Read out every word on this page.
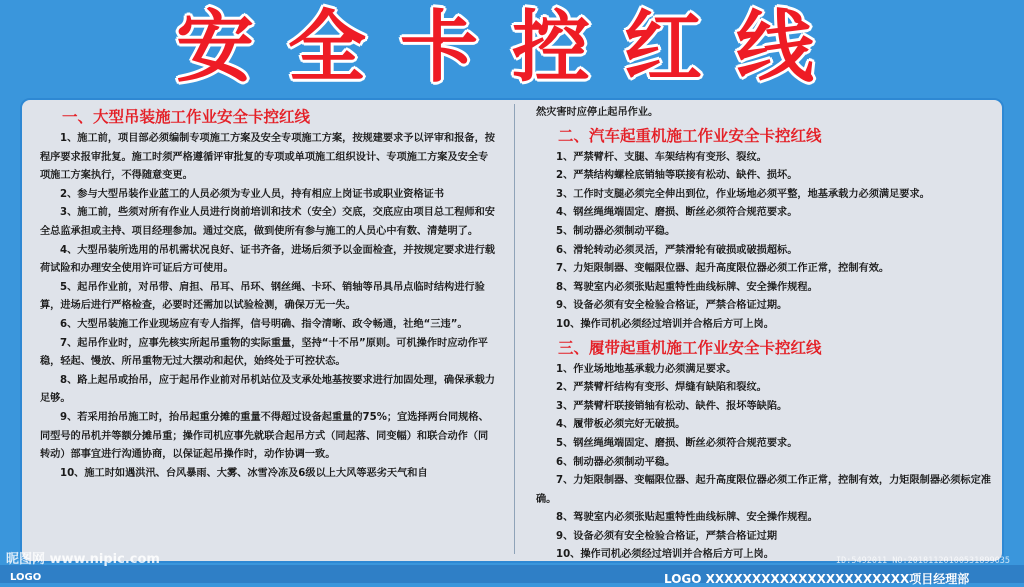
安全卡控红线
一、大型吊装施工作业安全卡控红线
1、施工前，项目部必须编制专项施工方案及安全专项施工方案，按规建要求予以评审和报备，按程序要求报审批复。施工时须严格遵循评审批复的专项或单项施工组织设计、专项施工方案及安全专项施工方案执行，不得随意变更。
2、参与大型吊装作业蓝工的人员必须为专业人员，持有相应上岗证书或职业资格证书
3、施工前，些须对所有作业人员进行岗前培训和技术（安全）交底，交底应由项目总工程师和安全总监承担或主持、项目经理参加。通过交底，做到使所有参与施工的人员心中有数、清楚明了。
4、大型吊装所选用的吊机需状况良好、证书齐备，进场后须予以金面检查，并按规定要求进行载荷试险和办理安全使用许可证后方可使用。
5、起吊作业前，对吊带、肩担、吊耳、吊环、钢丝绳、卡环、销轴等吊具吊点临时结构进行验算，进场后进行严格检查，必要时还需加以试验检测，确保万无一失。
6、大型吊装施工作业现场应有专人指挥，信号明确、指令清晰、政令畅通，社绝“三违”。
7、起吊作业时，应事先核实所起吊重物的实际重量，坚持“十不吊”原则。可机操作时应动作平稳，轻起、慢放、所吊重物无过大摆动和起伏，始终处于可控状态。
8、路上起吊或抬吊，应于起吊作业前对吊机站位及支承处地基按要求进行加固处理，确保承载力足够。
9、若采用抬吊施工时，抬吊起重分摊的重量不得超过设备起重量的75%；宜选择两台同规格、同型号的吊机并等额分摊吊重；操作司机应事先就联合起吊方式（同起落、同变幅）和联合动作（同转动）部事宜进行沟通协商，以保证起吊操作时，动作协调一致。
10、施工时如遇洪汛、台风暴雨、大雾、冰雪冷冻及6级以上大风等恶劣天气和自
然灾害时应停止起吊作业。
二、汽车起重机施工作业安全卡控红线
1、严禁臂杆、支腿、车架结构有变形、裂纹。
2、严禁结构螺栓底销轴等联接有松动、缺件、损坏。
3、工作时支腿必须完全伸出到位，作业场地必须平整，地基承载力必须满足要求。
4、钢丝绳绳端固定、磨损、断丝必须符合规范要求。
5、制动器必须制动平稳。
6、滑轮转动必须灵活，严禁滑轮有破损或破损超标。
7、力矩限制器、变幅限位器、起升高度限位器必须工作正常，控制有效。
8、驾驶室内必须张贴起重特性曲线标牌、安全操作规程。
9、设备必须有安全检验合格证，严禁合格证过期。
10、操作司机必须经过培训并合格后方可上岗。
三、履带起重机施工作业安全卡控红线
1、作业场地地基承载力必须满足要求。
2、严禁臂杆结构有变形、焊缝有缺陷和裂纹。
3、严禁臂杆联接销轴有松动、缺件、报坏等缺陷。
4、履带板必须完好无破损。
5、钢丝绳绳端固定、磨损、断丝必须符合规范要求。
6、制动器必须制动平稳。
7、力矩限制器、变幅限位器、起升高度限位器必须工作正常，控制有效，力矩限制器必须标定准确。
8、驾驶室内必须张贴起重特性曲线标牌、安全操作规程。
9、设备必须有安全检验合格证，严禁合格证过期
10、操作司机必须经过培训并合格后方可上岗。
昵图网 www.nipic.com	ID:5492011 NO:20181120100531899035
LOGO	LOGO XXXXXXXXXXXXXXXXXXXXXX项目经理部
